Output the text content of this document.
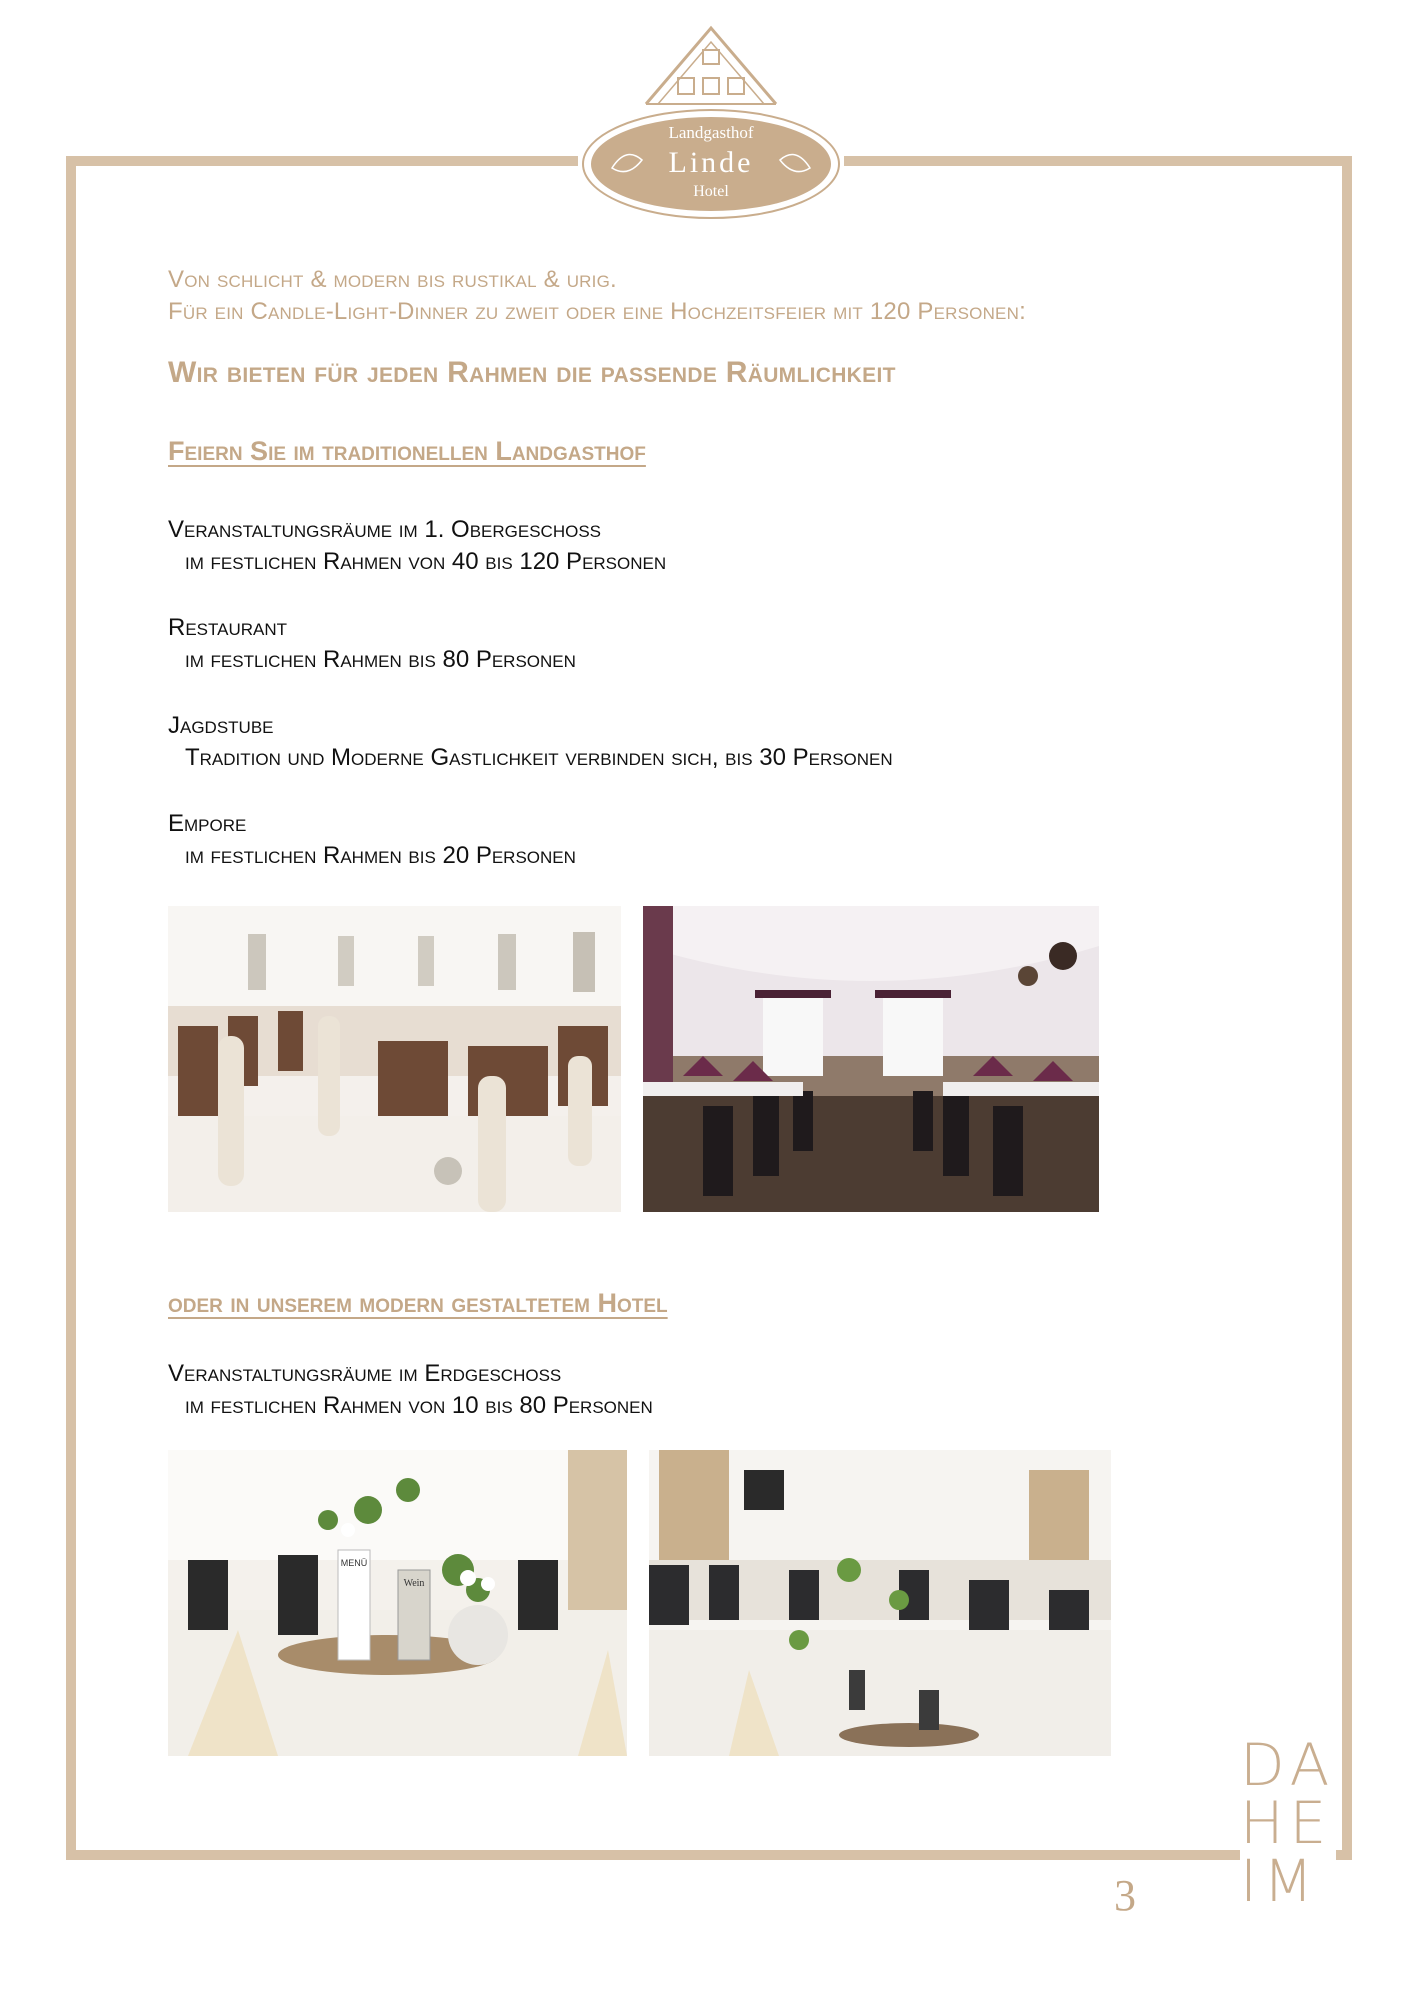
Landgasthof
Linde
Hotel
Von schlicht & modern bis rustikal & urig.
Für ein Candle-Light-Dinner zu zweit oder eine Hochzeitsfeier mit 120 Personen:
Wir bieten für jeden Rahmen die passende Räumlichkeit
Feiern Sie im traditionellen Landgasthof
Veranstaltungsräume im 1. Obergeschoss
im festlichen Rahmen von 40 bis 120 Personen
Restaurant
im festlichen Rahmen bis 80 Personen
Jagdstube
Tradition und Moderne Gastlichkeit verbinden sich, bis 30 Personen
Empore
im festlichen Rahmen bis 20 Personen
oder in unserem modern gestaltetem Hotel
Veranstaltungsräume im Erdgeschoss
im festlichen Rahmen von 10 bis 80 Personen
MENÜ
Wein
3
DA
HE
IM
